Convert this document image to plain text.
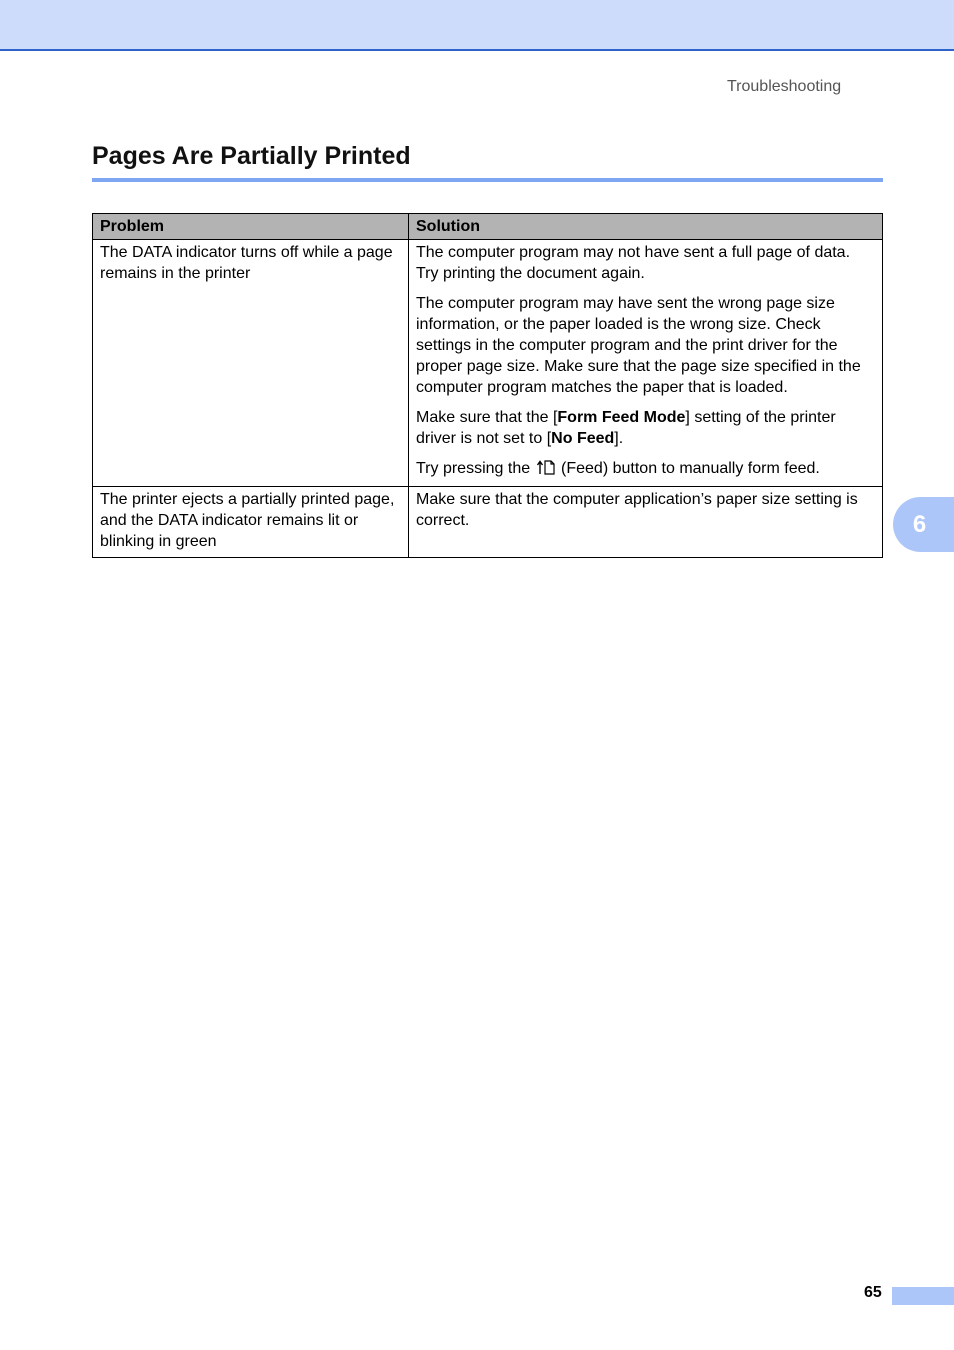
Troubleshooting
Pages Are Partially Printed
Problem	Solution
The DATA indicator turns off while a page remains in the printer	The computer program may not have sent a full page of data. Try printing the document again.

The computer program may have sent the wrong page size information, or the paper loaded is the wrong size. Check settings in the computer program and the print driver for the proper page size. Make sure that the page size specified in the computer program matches the paper that is loaded.

Make sure that the [Form Feed Mode] setting of the printer driver is not set to [No Feed].

Try pressing the (Feed) button to manually form feed.

The printer ejects a partially printed page, and the DATA indicator remains lit or blinking in green	Make sure that the computer application’s paper size setting is correct.	6
65
